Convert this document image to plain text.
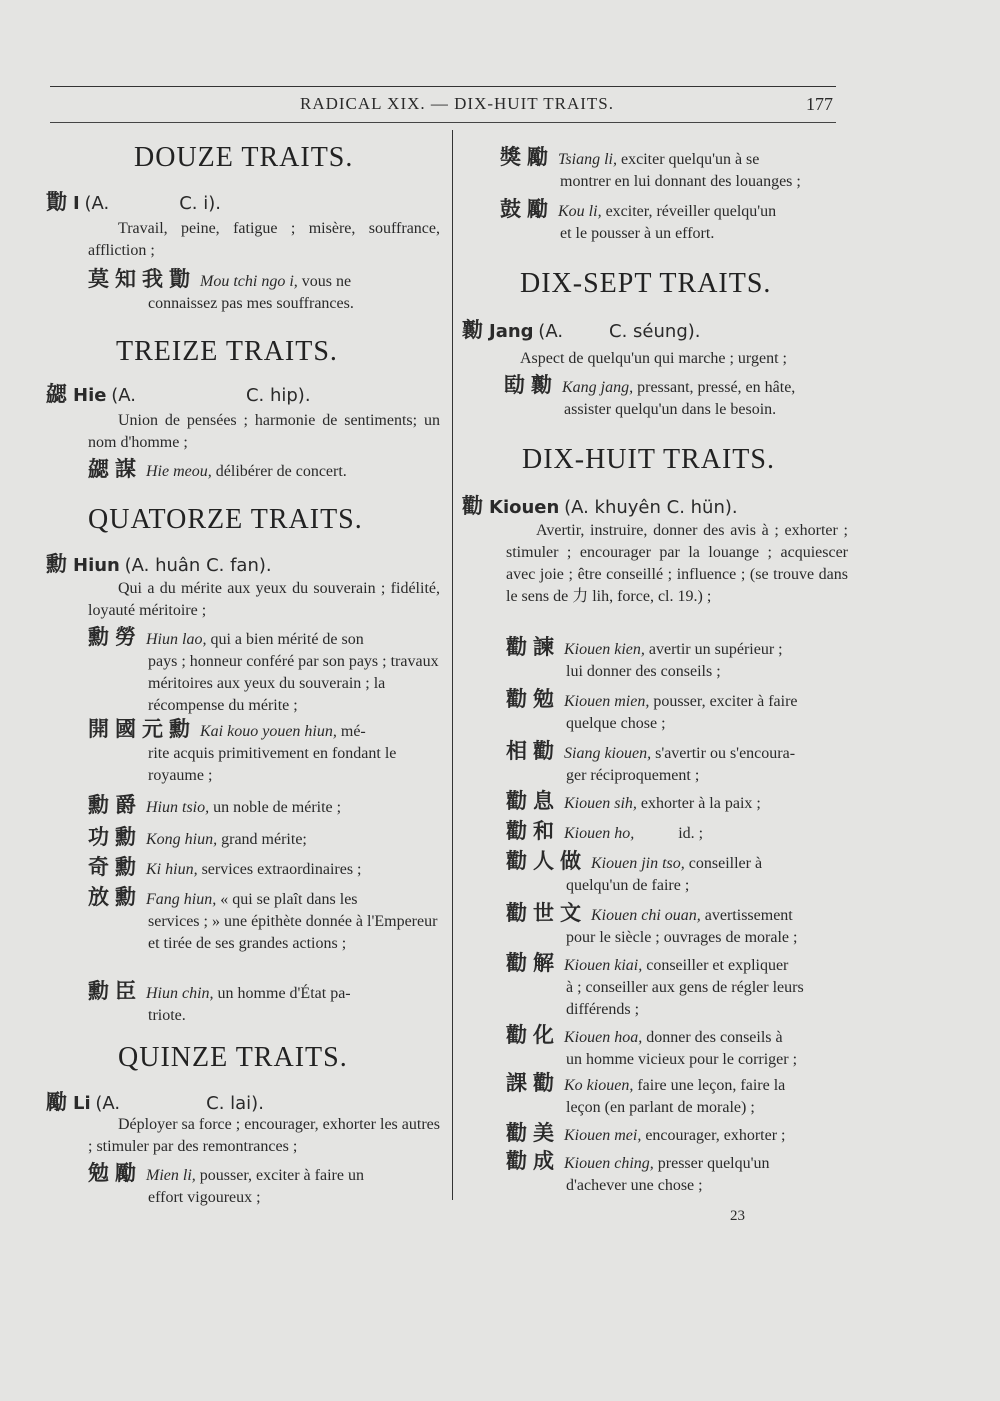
RADICAL XIX. — DIX-HUIT TRAITS.	177
DOUZE TRAITS.
勩 I (A.	C. i).

Travail, peine, fatigue ; misère, souffrance, affliction ;

莫知我勩 Mou tchi ngo i, vous ne
connaissez pas mes souffrances.
TREIZE TRAITS.
勰 Hie (A.	C. hip).

Union de pensées ; harmonie de sentiments; un nom d'homme ;

勰謀 Hie meou, délibérer de concert.
QUATORZE TRAITS.
勳 Hiun (A. huân C. fan).

Qui a du mérite aux yeux du souverain ; fidélité, loyauté méritoire ;

勳勞 Hiun lao, qui a bien mérité de son
pays ; honneur conféré par son pays ; travaux méritoires aux yeux du souverain ; la récompense du mérite ;
開國元勳 Kai kouo youen hiun, mé-
rite acquis primitivement en fondant le royaume ;
勳爵 Hiun tsio, un noble de mérite ;
功勳 Kong hiun, grand mérite;
奇勳 Ki hiun, services extraordinaires ;
放勳 Fang hiun, « qui se plaît dans les
services ; » une épithète donnée à l'Empereur et tirée de ses grandes actions ;
勳臣 Hiun chin, un homme d'État pa-
triote.
QUINZE TRAITS.
勵 Li (A.	C. lai).

Déployer sa force ; encourager, exhorter les autres ; stimuler par des remontrances ;

勉勵 Mien li, pousser, exciter à faire un
effort vigoureux ;
獎勵 Tsiang li, exciter quelqu'un à se
montrer en lui donnant des louanges ;
鼓勵 Kou li, exciter, réveiller quelqu'un
et le pousser à un effort.
DIX-SEPT TRAITS.
勷 Jang (A.	C. séung).

Aspect de quelqu'un qui marche ; urgent ;

劻勷 Kang jang, pressant, pressé, en hâte,
assister quelqu'un dans le besoin.
DIX-HUIT TRAITS.
勸 Kiouen (A. khuyên C. hün).

Avertir, instruire, donner des avis à ; exhorter ; stimuler ; encourager par la louange ; acquiescer avec joie ; être conseillé ; influence ; (se trouve dans le sens de 力 lih, force, cl. 19.) ;

勸諫 Kiouen kien, avertir un supérieur ;
lui donner des conseils ;
勸勉 Kiouen mien, pousser, exciter à faire
quelque chose ;
相勸 Siang kiouen, s'avertir ou s'encoura-
ger réciproquement ;
勸息 Kiouen sih, exhorter à la paix ;
勸和 Kiouen ho,	id. ;
勸人做 Kiouen jin tso, conseiller à
quelqu'un de faire ;
勸世文 Kiouen chi ouan, avertissement
pour le siècle ; ouvrages de morale ;
勸解 Kiouen kiai, conseiller et expliquer
à ; conseiller aux gens de régler leurs différends ;
勸化 Kiouen hoa, donner des conseils à
un homme vicieux pour le corriger ;
課勸 Ko kiouen, faire une leçon, faire la
leçon (en parlant de morale) ;
勸美 Kiouen mei, encourager, exhorter ;
勸成 Kiouen ching, presser quelqu'un
d'achever une chose ;
23
